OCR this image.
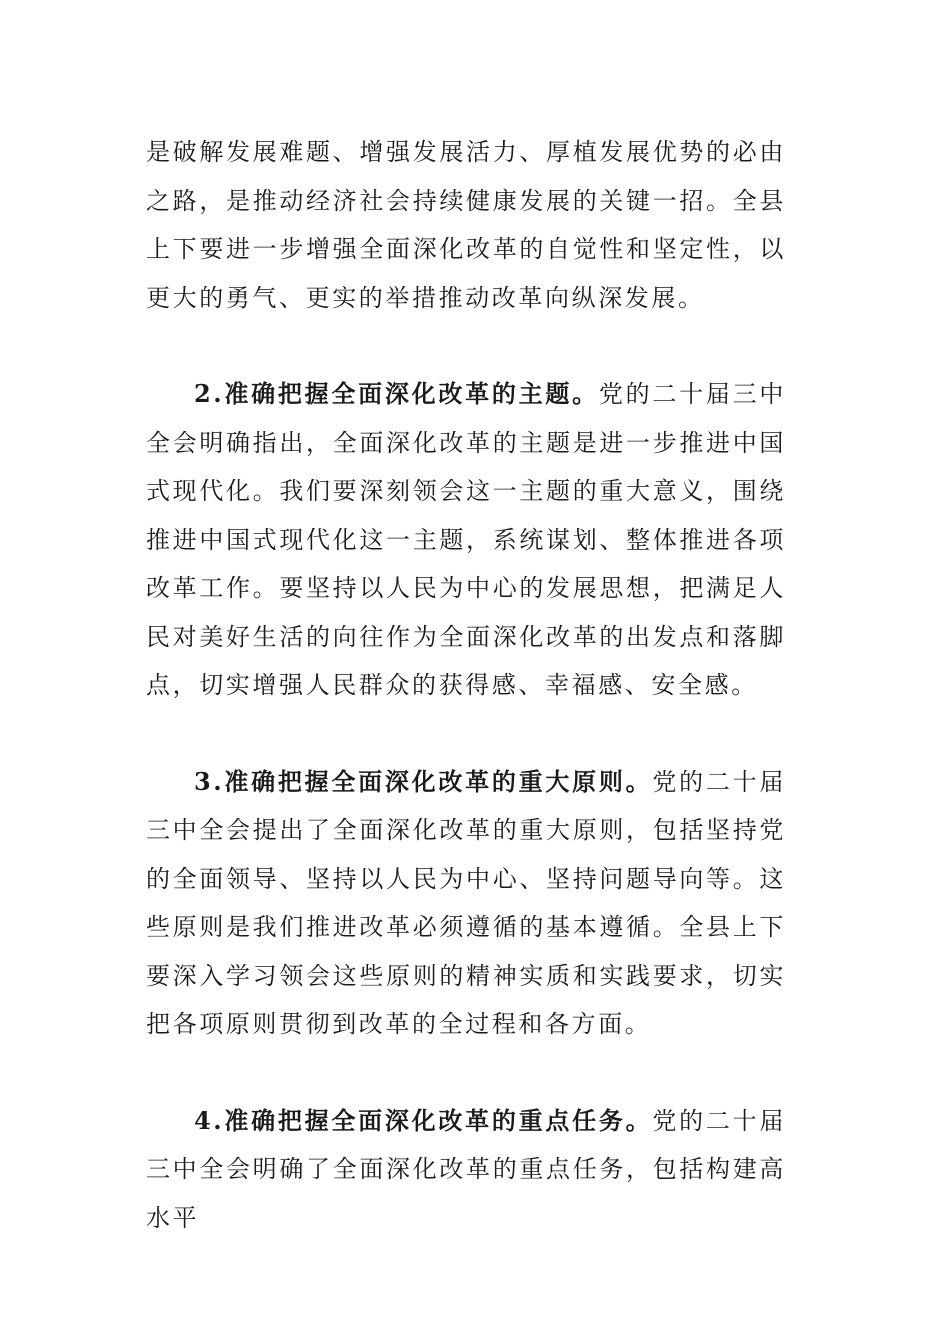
是破解发展难题、增强发展活力、厚植发展优势的必由之路，是推动经济社会持续健康发展的关键一招。全县上下要进一步增强全面深化改革的自觉性和坚定性，以更大的勇气、更实的举措推动改革向纵深发展。

2.准确把握全面深化改革的主题。党的二十届三中全会明确指出，全面深化改革的主题是进一步推进中国式现代化。我们要深刻领会这一主题的重大意义，围绕推进中国式现代化这一主题，系统谋划、整体推进各项改革工作。要坚持以人民为中心的发展思想，把满足人民对美好生活的向往作为全面深化改革的出发点和落脚点，切实增强人民群众的获得感、幸福感、安全感。

3.准确把握全面深化改革的重大原则。党的二十届三中全会提出了全面深化改革的重大原则，包括坚持党的全面领导、坚持以人民为中心、坚持问题导向等。这些原则是我们推进改革必须遵循的基本遵循。全县上下要深入学习领会这些原则的精神实质和实践要求，切实把各项原则贯彻到改革的全过程和各方面。

4.准确把握全面深化改革的重点任务。党的二十届三中全会明确了全面深化改革的重点任务，包括构建高水平
